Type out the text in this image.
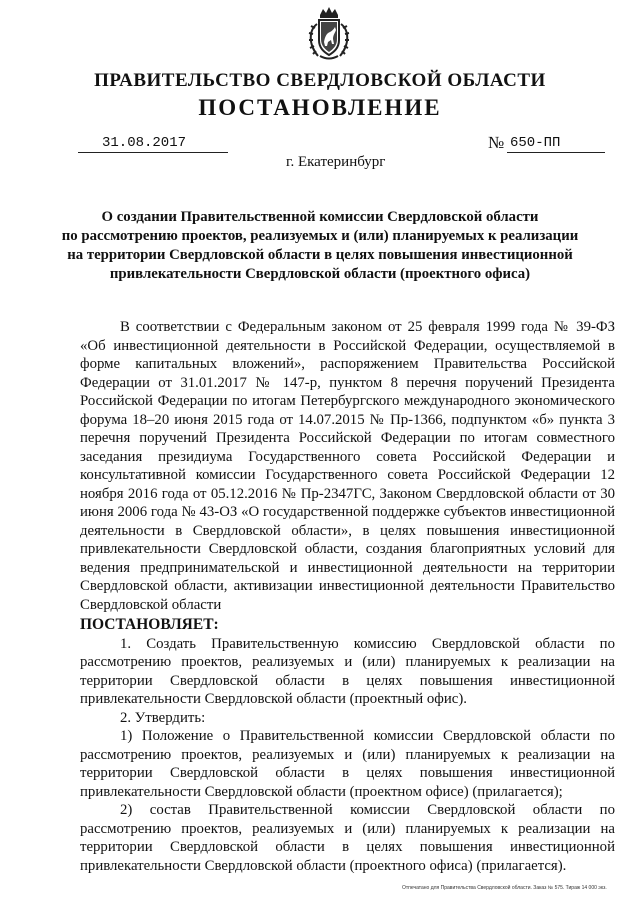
ПРАВИТЕЛЬСТВО СВЕРДЛОВСКОЙ ОБЛАСТИ
ПОСТАНОВЛЕНИЕ
31.08.2017	№ 650-ПП
г. Екатеринбург
О создании Правительственной комиссии Свердловской области
по рассмотрению проектов, реализуемых и (или) планируемых к реализации
на территории Свердловской области в целях повышения инвестиционной
привлекательности Свердловской области (проектного офиса)

В соответствии с Федеральным законом от 25 февраля 1999 года № 39-ФЗ «Об инвестиционной деятельности в Российской Федерации, осуществляемой в форме капитальных вложений», распоряжением Правительства Российской Федерации от 31.01.2017 № 147-р, пунктом 8 перечня поручений Президента Российской Федерации по итогам Петербургского международного экономического форума 18–20 июня 2015 года от 14.07.2015 № Пр-1366, подпунктом «б» пункта 3 перечня поручений Президента Российской Федерации по итогам совместного заседания президиума Государственного совета Российской Федерации и консультативной комиссии Государственного совета Российской Федерации 12 ноября 2016 года от 05.12.2016 № Пр-2347ГС, Законом Свердловской области от 30 июня 2006 года № 43-ОЗ «О государственной поддержке субъектов инвестиционной деятельности в Свердловской области», в целях повышения инвестиционной привлекательности Свердловской области, создания благоприятных условий для ведения предпринимательской и инвестиционной деятельности на территории Свердловской области, активизации инвестиционной деятельности Правительство Свердловской области

ПОСТАНОВЛЯЕТ:

1. Создать Правительственную комиссию Свердловской области по рассмотрению проектов, реализуемых и (или) планируемых к реализации на территории Свердловской области в целях повышения инвестиционной привлекательности Свердловской области (проектный офис).

2. Утвердить:

1) Положение о Правительственной комиссии Свердловской области по рассмотрению проектов, реализуемых и (или) планируемых к реализации на территории Свердловской области в целях повышения инвестиционной привлекательности Свердловской области (проектном офисе) (прилагается);

2) состав Правительственной комиссии Свердловской области по рассмотрению проектов, реализуемых и (или) планируемых к реализации на территории Свердловской области в целях повышения инвестиционной привлекательности Свердловской области (проектного офиса) (прилагается).

Отпечатано для Правительства Свердловской области. Заказ № 575. Тираж 14 000 экз.
